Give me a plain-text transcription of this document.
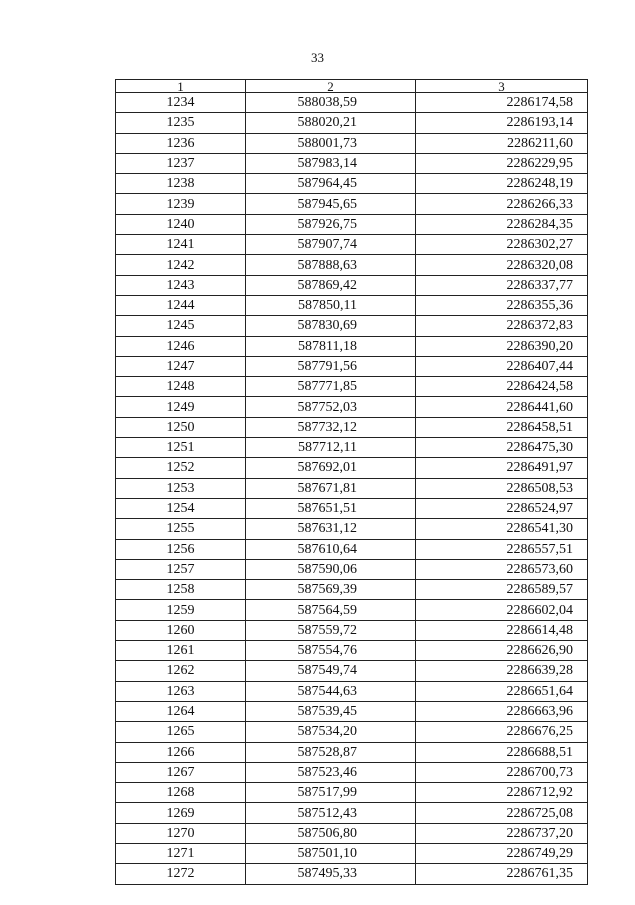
33
1	2	3
1234	588038,59	2286174,58
1235	588020,21	2286193,14
1236	588001,73	2286211,60
1237	587983,14	2286229,95
1238	587964,45	2286248,19
1239	587945,65	2286266,33
1240	587926,75	2286284,35
1241	587907,74	2286302,27
1242	587888,63	2286320,08
1243	587869,42	2286337,77
1244	587850,11	2286355,36
1245	587830,69	2286372,83
1246	587811,18	2286390,20
1247	587791,56	2286407,44
1248	587771,85	2286424,58
1249	587752,03	2286441,60
1250	587732,12	2286458,51
1251	587712,11	2286475,30
1252	587692,01	2286491,97
1253	587671,81	2286508,53
1254	587651,51	2286524,97
1255	587631,12	2286541,30
1256	587610,64	2286557,51
1257	587590,06	2286573,60
1258	587569,39	2286589,57
1259	587564,59	2286602,04
1260	587559,72	2286614,48
1261	587554,76	2286626,90
1262	587549,74	2286639,28
1263	587544,63	2286651,64
1264	587539,45	2286663,96
1265	587534,20	2286676,25
1266	587528,87	2286688,51
1267	587523,46	2286700,73
1268	587517,99	2286712,92
1269	587512,43	2286725,08
1270	587506,80	2286737,20
1271	587501,10	2286749,29
1272	587495,33	2286761,35
